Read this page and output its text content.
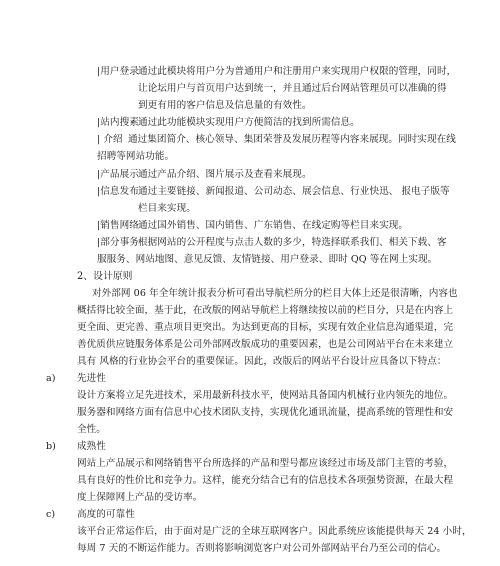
|用户登录 通过此模块将用户分为普通用户和注册用户来实现用户权限的管理，同时，
让论坛用户与首页用户达到统一，并且通过后台网站管理员可以准确的得
到更有用的客户信息及信息量的有效性。
|站内搜素 通过此功能模块实现用户方便简洁的找到所需信息。
| 介绍 通过集团简介、核心领导、集团荣誉及发展历程等内容来展现。同时实现在线
招聘等网站功能。
|产品展示 通过产品介绍、图片展示及查看来展现。
|信息发布 通过主要链接、新闻报道、公司动态、展会信息、行业快迅、 报电子版等
栏目来实现。
|销售网络 通过国外销售、国内销售、广东销售、在线定购等栏目来实现。
|部分事务 根据网站的公开程度与点击人数的多少，特选择联系我们、相关下载、客
服服务、网站地图、意见反馈、友情链接、用户登录、即时 QQ 等在网上实现。
2、设计原则
对外部网 06 年全年统计报表分析可看出导航栏所分的栏目大体上还是很清晰，内容也
概括得比较全面，基于此，在改版的网站导航栏上将继续按以前的栏目分，只是在内容上
更全面、更完善、重点项目更突出。为达到更高的目标，实现有效企业信息沟通渠道，完
善优质供应链服务体系是公司外部网改版成功的重要因素，也是公司网站平台在未来建立
具有 风格的行业协会平台的重要保证。因此，改版后的网站平台设计应具备以下特点：
a) 先进性
设计方案将立足先进技术，采用最新科技水平，使网站具备国内机械行业内领先的地位。
服务器和网络方面有信息中心技术团队支持，实现优化通讯流量，提高系统的管理性和安
全性。
b) 成熟性
网站上产品展示和网络销售平台所选择的产品和型号都应该经过市场及部门主管的考验，
具有良好的性价比和竞争力。这样，能充分结合已有的信息技术各项强势资源，在最大程
度上保障网上产品的受访率。
c) 高度的可靠性
该平台正常运作后，由于面对是广泛的全球互联网客户。因此系统应该能提供每天 24 小时，
每周 7 天的不断运作能力。否则将影响浏览客户对公司外部网站平台乃至公司的信心。
